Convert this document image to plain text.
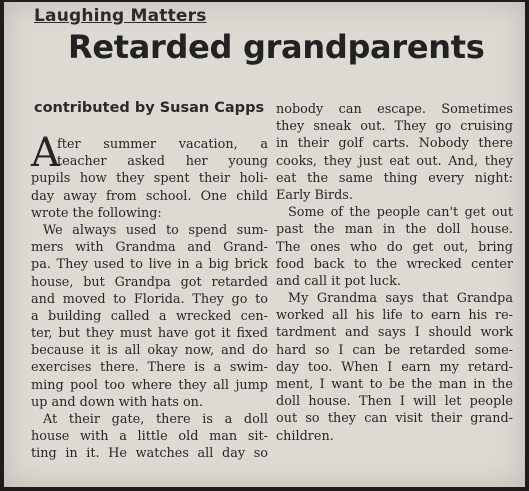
Laughing Matters
Retarded grandparents
contributed by Susan Capps
A
fter summer vacation, a
teacher asked her young
pupils how they spent their holi-
day away from school. One child
wrote the following:
We always used to spend sum-
mers with Grandma and Grand-
pa. They used to live in a big brick
house, but Grandpa got retarded
and moved to Florida. They go to
a building called a wrecked cen-
ter, but they must have got it fixed
because it is all okay now, and do
exercises there. There is a swim-
ming pool too where they all jump
up and down with hats on.
At their gate, there is a doll
house with a little old man sit-
ting in it. He watches all day so
nobody can escape. Sometimes
they sneak out. They go cruising
in their golf carts. Nobody there
cooks, they just eat out. And, they
eat the same thing every night:
Early Birds.
Some of the people can't get out
past the man in the doll house.
The ones who do get out, bring
food back to the wrecked center
and call it pot luck.
My Grandma says that Grandpa
worked all his life to earn his re-
tardment and says I should work
hard so I can be retarded some-
day too. When I earn my retard-
ment, I want to be the man in the
doll house. Then I will let people
out so they can visit their grand-
children.
